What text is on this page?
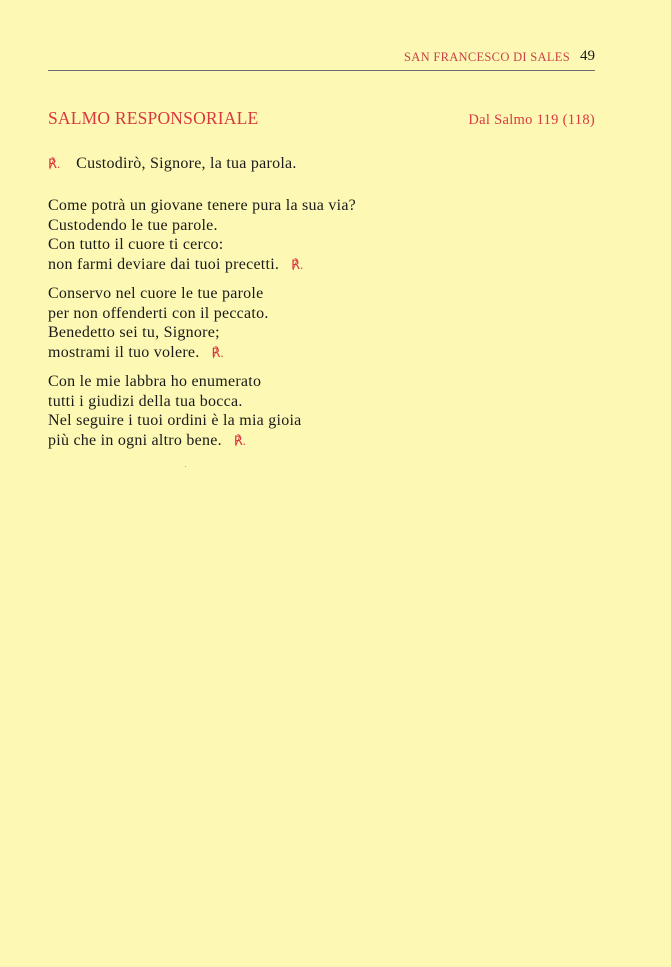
SAN FRANCESCO DI SALES 49
SALMO RESPONSORIALE	Dal Salmo 119 (118)
℟. Custodirò, Signore, la tua parola.
Come potrà un giovane tenere pura la sua via?
Custodendo le tue parole.
Con tutto il cuore ti cerco:
non farmi deviare dai tuoi precetti. ℟.
Conservo nel cuore le tue parole
per non offenderti con il peccato.
Benedetto sei tu, Signore;
mostrami il tuo volere. ℟.
Con le mie labbra ho enumerato
tutti i giudizi della tua bocca.
Nel seguire i tuoi ordini è la mia gioia
più che in ogni altro bene. ℟.
